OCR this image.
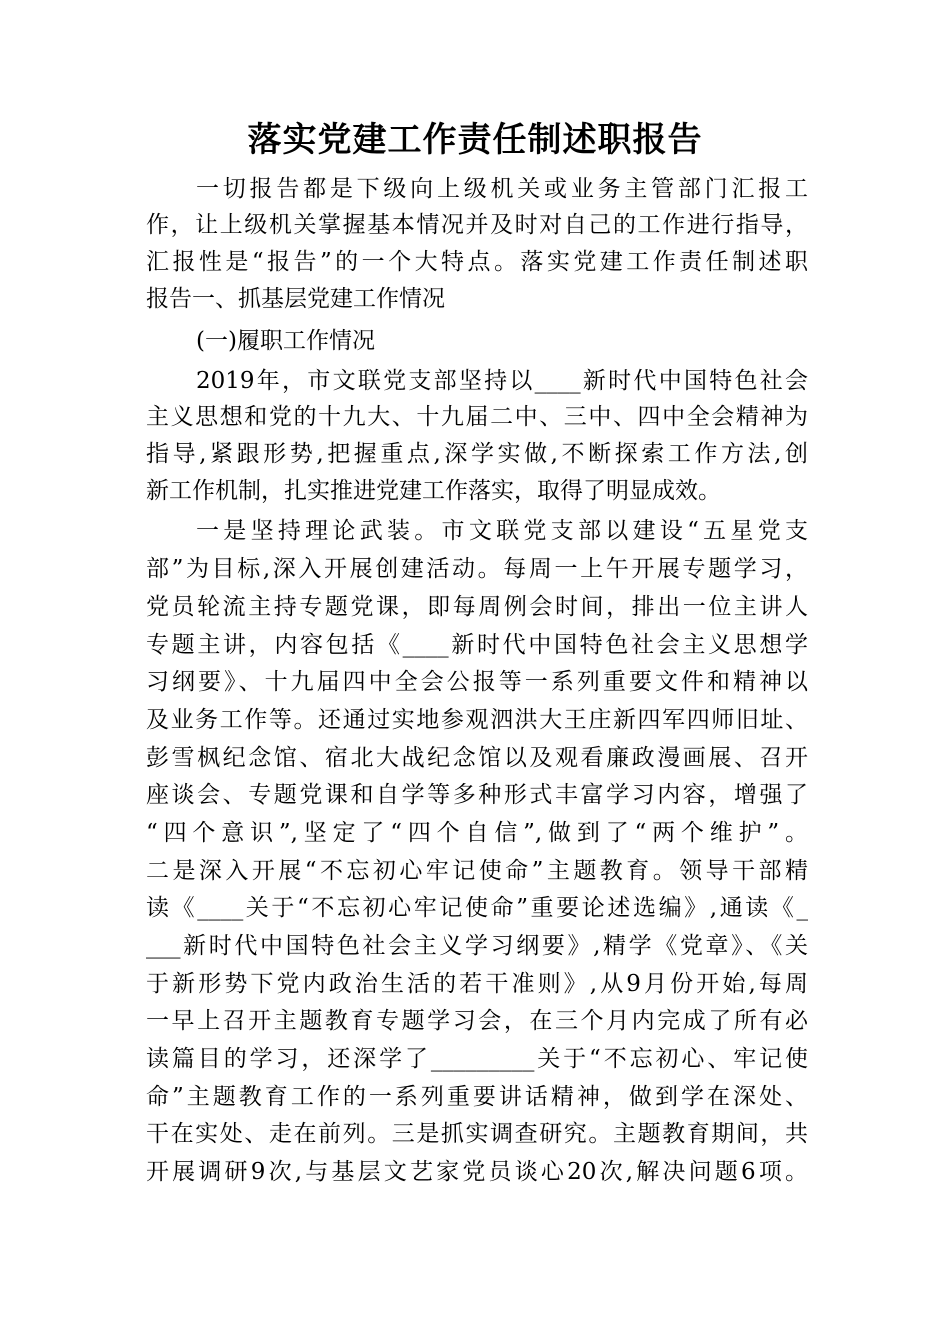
落实党建工作责任制述职报告
一切报告都是下级向上级机关或业务主管部门汇报工
作，让上级机关掌握基本情况并及时对自己的工作进行指导，
汇报性是“报告”的一个大特点。落实党建工作责任制述职
报告一、抓基层党建工作情况
(一)履职工作情况
2019年，市文联党支部坚持以____新时代中国特色社会
主义思想和党的十九大、十九届二中、三中、四中全会精神为
指导,紧跟形势,把握重点,深学实做,不断探索工作方法,创
新工作机制，扎实推进党建工作落实，取得了明显成效。
一是坚持理论武装。市文联党支部以建设“五星党支
部”为目标,深入开展创建活动。每周一上午开展专题学习，
党员轮流主持专题党课，即每周例会时间，排出一位主讲人
专题主讲，内容包括《____新时代中国特色社会主义思想学
习纲要》、十九届四中全会公报等一系列重要文件和精神以
及业务工作等。还通过实地参观泗洪大王庄新四军四师旧址、
彭雪枫纪念馆、宿北大战纪念馆以及观看廉政漫画展、召开
座谈会、专题党课和自学等多种形式丰富学习内容，增强了
“四个意识”,坚定了“四个自信”,做到了“两个维护”。
二是深入开展“不忘初心牢记使命”主题教育。领导干部精
读《____关于“不忘初心牢记使命”重要论述选编》,通读《_
___新时代中国特色社会主义学习纲要》,精学《党章》、《关
于新形势下党内政治生活的若干准则》,从9月份开始,每周
一早上召开主题教育专题学习会，在三个月内完成了所有必
读篇目的学习，还深学了_________关于“不忘初心、牢记使
命”主题教育工作的一系列重要讲话精神，做到学在深处、
干在实处、走在前列。三是抓实调查研究。主题教育期间，共
开展调研9次,与基层文艺家党员谈心20次,解决问题6项。
